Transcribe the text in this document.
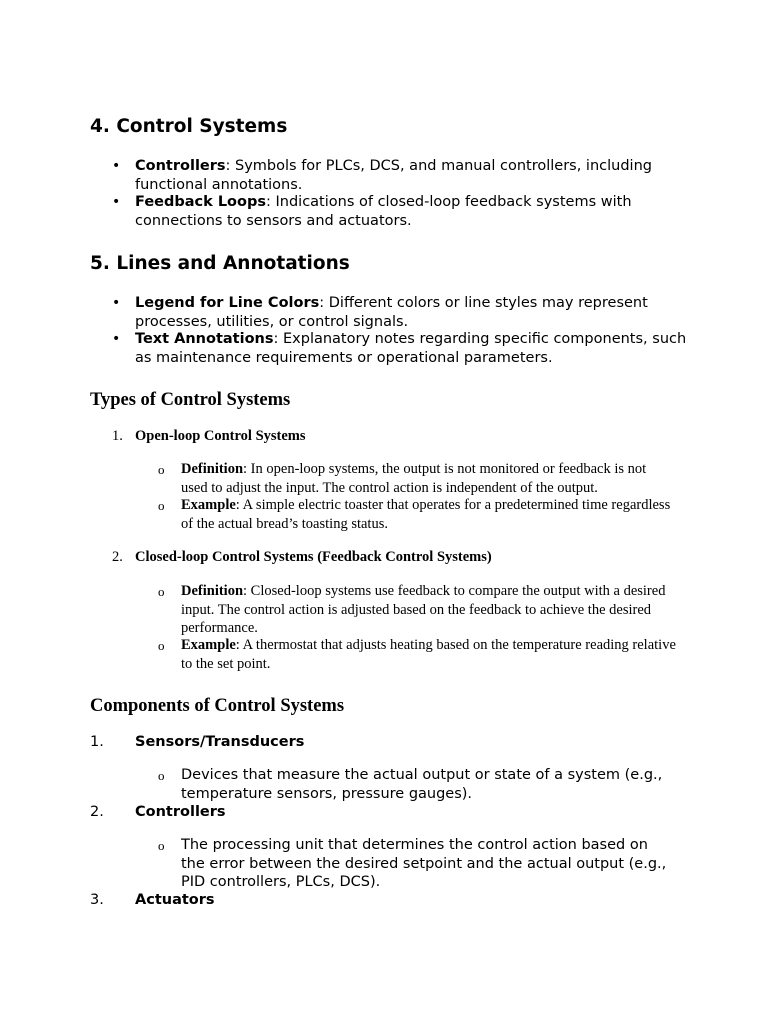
4. Control Systems
• Controllers: Symbols for PLCs, DCS, and manual controllers, including functional annotations.

• Feedback Loops: Indications of closed-loop feedback systems with connections to sensors and actuators.

5. Lines and Annotations
• Legend for Line Colors: Different colors or line styles may represent processes, utilities, or control signals.

• Text Annotations: Explanatory notes regarding specific components, such as maintenance requirements or operational parameters.

Types of Control Systems
1. Open-loop Control Systems

o Definition: In open-loop systems, the output is not monitored or feedback is not used to adjust the input. The control action is independent of the output.

o Example: A simple electric toaster that operates for a predetermined time regardless of the actual bread’s toasting status.

2. Closed-loop Control Systems (Feedback Control Systems)

o Definition: Closed-loop systems use feedback to compare the output with a desired input. The control action is adjusted based on the feedback to achieve the desired performance.

o Example: A thermostat that adjusts heating based on the temperature reading relative to the set point.

Components of Control Systems
1. Sensors/Transducers

o Devices that measure the actual output or state of a system (e.g., temperature sensors, pressure gauges).

2. Controllers

o The processing unit that determines the control action based on the error between the desired setpoint and the actual output (e.g., PID controllers, PLCs, DCS).

3. Actuators
